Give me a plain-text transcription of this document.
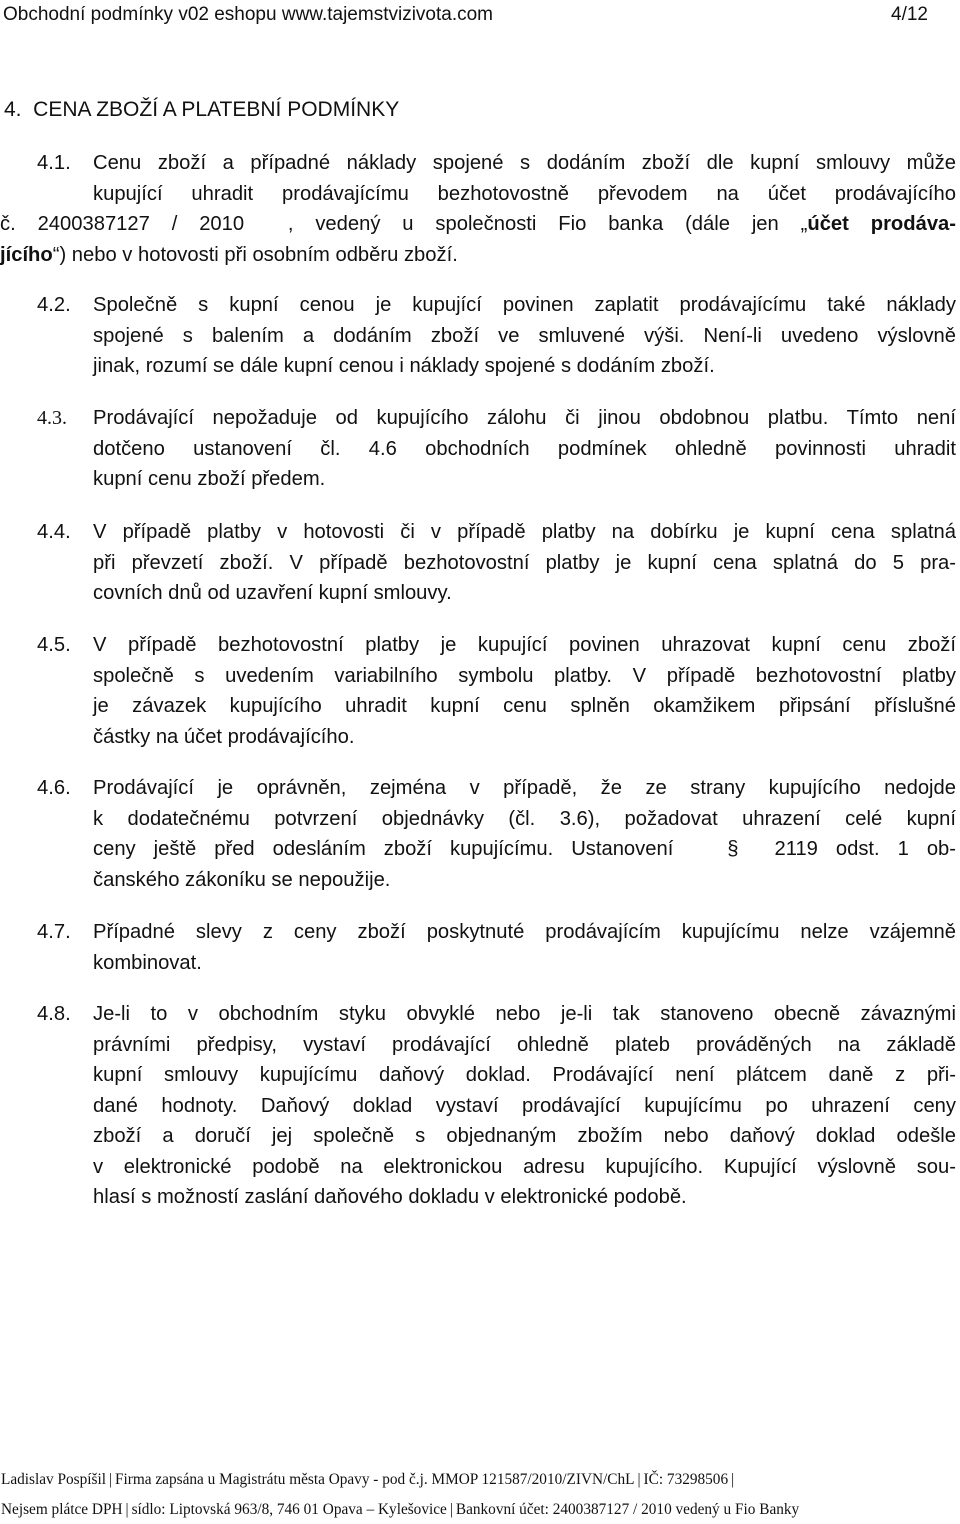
Obchodní podmínky v02 eshopu www.tajemstvizivota.com	4/12
4.  CENA ZBOŽÍ A PLATEBNÍ PODMÍNKY
4.1. Cenu zboží a případné náklady spojené s dodáním zboží dle kupní smlouvy může
kupující uhradit prodávajícímu bezhotovostně převodem na účet prodávajícího
č. 2400387127 / 2010  , vedený u společnosti Fio banka (dále jen „účet prodáva-
jícího“) nebo v hotovosti při osobním odběru zboží.
4.2. Společně s kupní cenou je kupující povinen zaplatit prodávajícímu také náklady
spojené s balením a dodáním zboží ve smluvené výši. Není-li uvedeno výslovně
jinak, rozumí se dále kupní cenou i náklady spojené s dodáním zboží.
4.3. Prodávající nepožaduje od kupujícího zálohu či jinou obdobnou platbu. Tímto není
dotčeno ustanovení čl. 4.6 obchodních podmínek ohledně povinnosti uhradit
kupní cenu zboží předem.
4.4. V případě platby v hotovosti či v případě platby na dobírku je kupní cena splatná
při převzetí zboží. V případě bezhotovostní platby je kupní cena splatná do 5 pra-
covních dnů od uzavření kupní smlouvy.
4.5. V případě bezhotovostní platby je kupující povinen uhrazovat kupní cenu zboží
společně s uvedením variabilního symbolu platby. V případě bezhotovostní platby
je závazek kupujícího uhradit kupní cenu splněn okamžikem připsání příslušné
částky na účet prodávajícího.
4.6. Prodávající je oprávněn, zejména v případě, že ze strany kupujícího nedojde
k dodatečnému potvrzení objednávky (čl. 3.6), požadovat uhrazení celé kupní
ceny ještě před odesláním zboží kupujícímu. Ustanovení	§ 2119 odst. 1 ob-
čanského zákoníku se nepoužije.
4.7. Případné slevy z ceny zboží poskytnuté prodávajícím kupujícímu nelze vzájemně
kombinovat.
4.8. Je-li to v obchodním styku obvyklé nebo je-li tak stanoveno obecně závaznými
právními předpisy, vystaví prodávající ohledně plateb prováděných na základě
kupní smlouvy kupujícímu daňový doklad. Prodávající není plátcem daně z při-
dané hodnoty. Daňový doklad vystaví prodávající kupujícímu po uhrazení ceny
zboží a doručí jej společně s objednaným zbožím nebo daňový doklad odešle
v elektronické podobě na elektronickou adresu kupujícího. Kupující výslovně sou-
hlasí s možností zaslání daňového dokladu v elektronické podobě.
Ladislav Pospíšil | Firma zapsána u Magistrátu města Opavy - pod č.j. MMOP 121587/2010/ZIVN/ChL | IČ: 73298506 |
Nejsem plátce DPH | sídlo: Liptovská 963/8, 746 01 Opava – Kylešovice | Bankovní účet: 2400387127 / 2010 vedený u Fio Banky
